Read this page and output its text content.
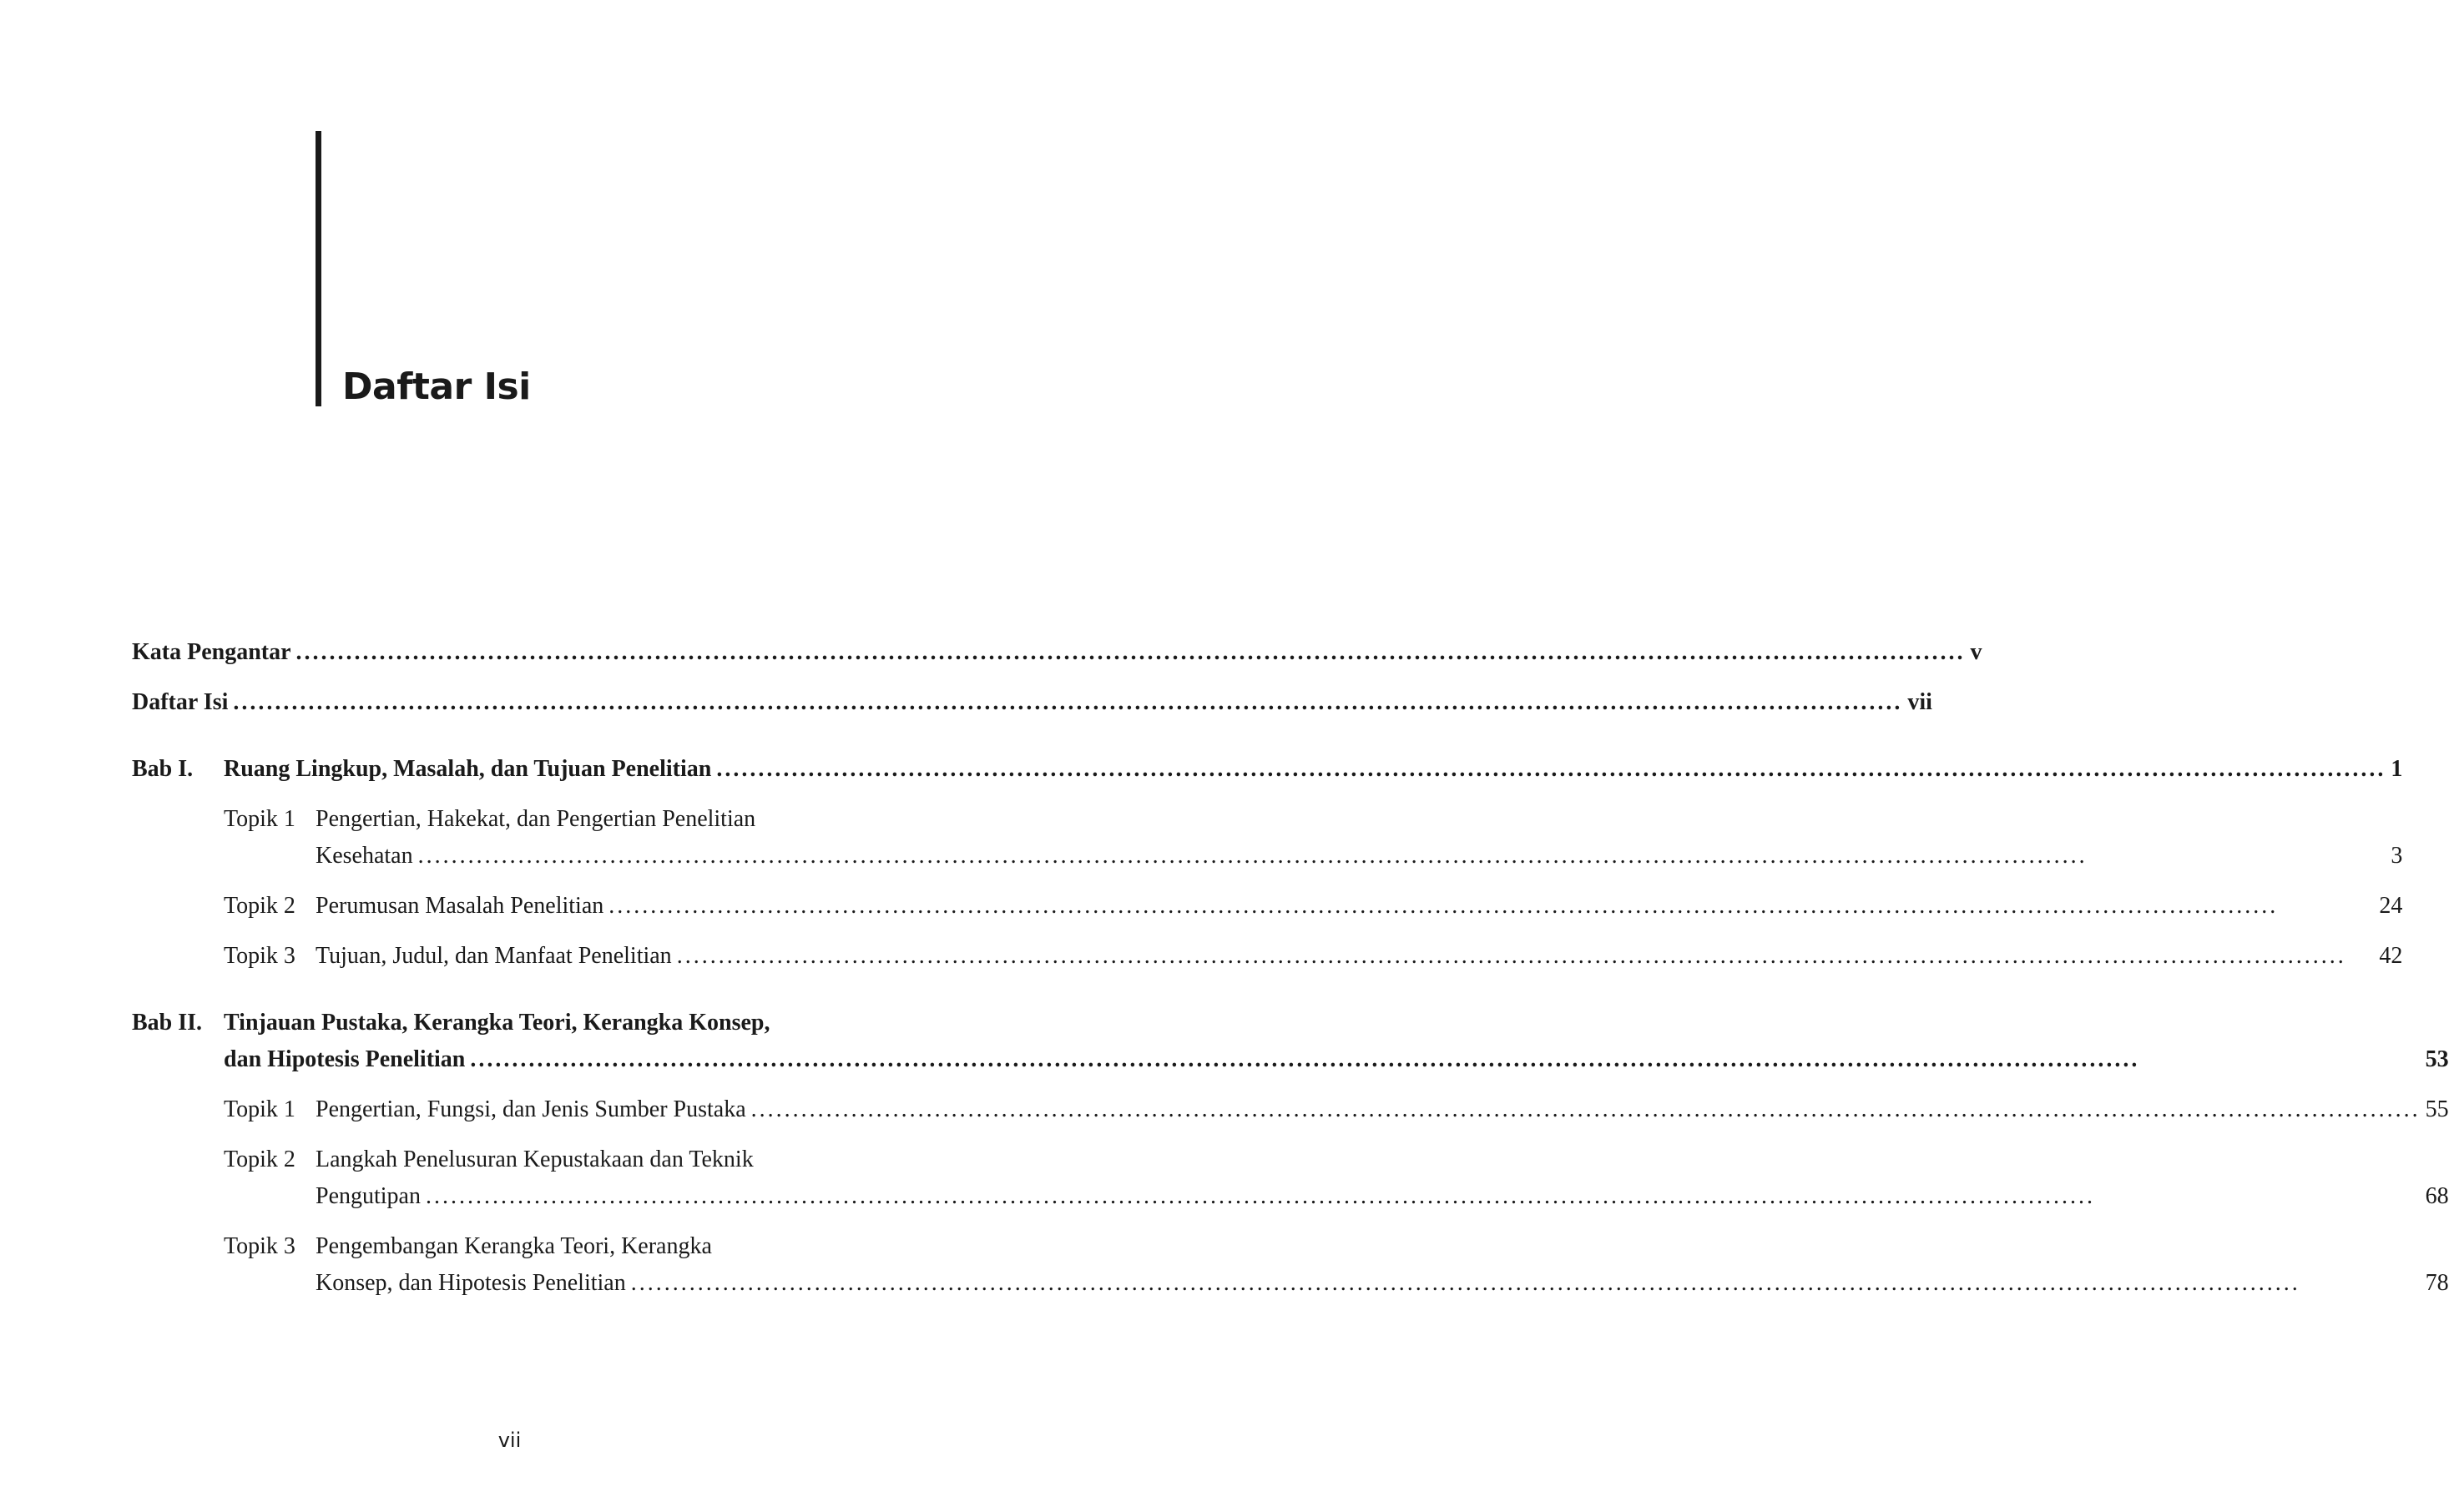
Daftar Isi
Kata Pengantar ........................................................................................................................................................................................................ v
Daftar Isi ........................................................................................................................................................................................................ vii
Bab I.	Ruang Lingkup, Masalah, dan Tujuan Penelitian ........................................................................................................................................................................................................ 1
Topik 1 Pengertian, Hakekat, dan Pengertian Penelitian
Kesehatan ........................................................................................................................................................................................................	3
Topik 2 Perumusan Masalah Penelitian ........................................................................................................................................................................................................	24
Topik 3 Tujuan, Judul, dan Manfaat Penelitian ........................................................................................................................................................................................................	42
Bab II. Tinjauan Pustaka, Kerangka Teori, Kerangka Konsep,
dan Hipotesis Penelitian ........................................................................................................................................................................................................	53
Topik 1 Pengertian, Fungsi, dan Jenis Sumber Pustaka ........................................................................................................................................................................................................ 55
Topik 2 Langkah Penelusuran Kepustakaan dan Teknik
Pengutipan ........................................................................................................................................................................................................	68
Topik 3 Pengembangan Kerangka Teori, Kerangka
Konsep, dan Hipotesis Penelitian ........................................................................................................................................................................................................	78
vii
